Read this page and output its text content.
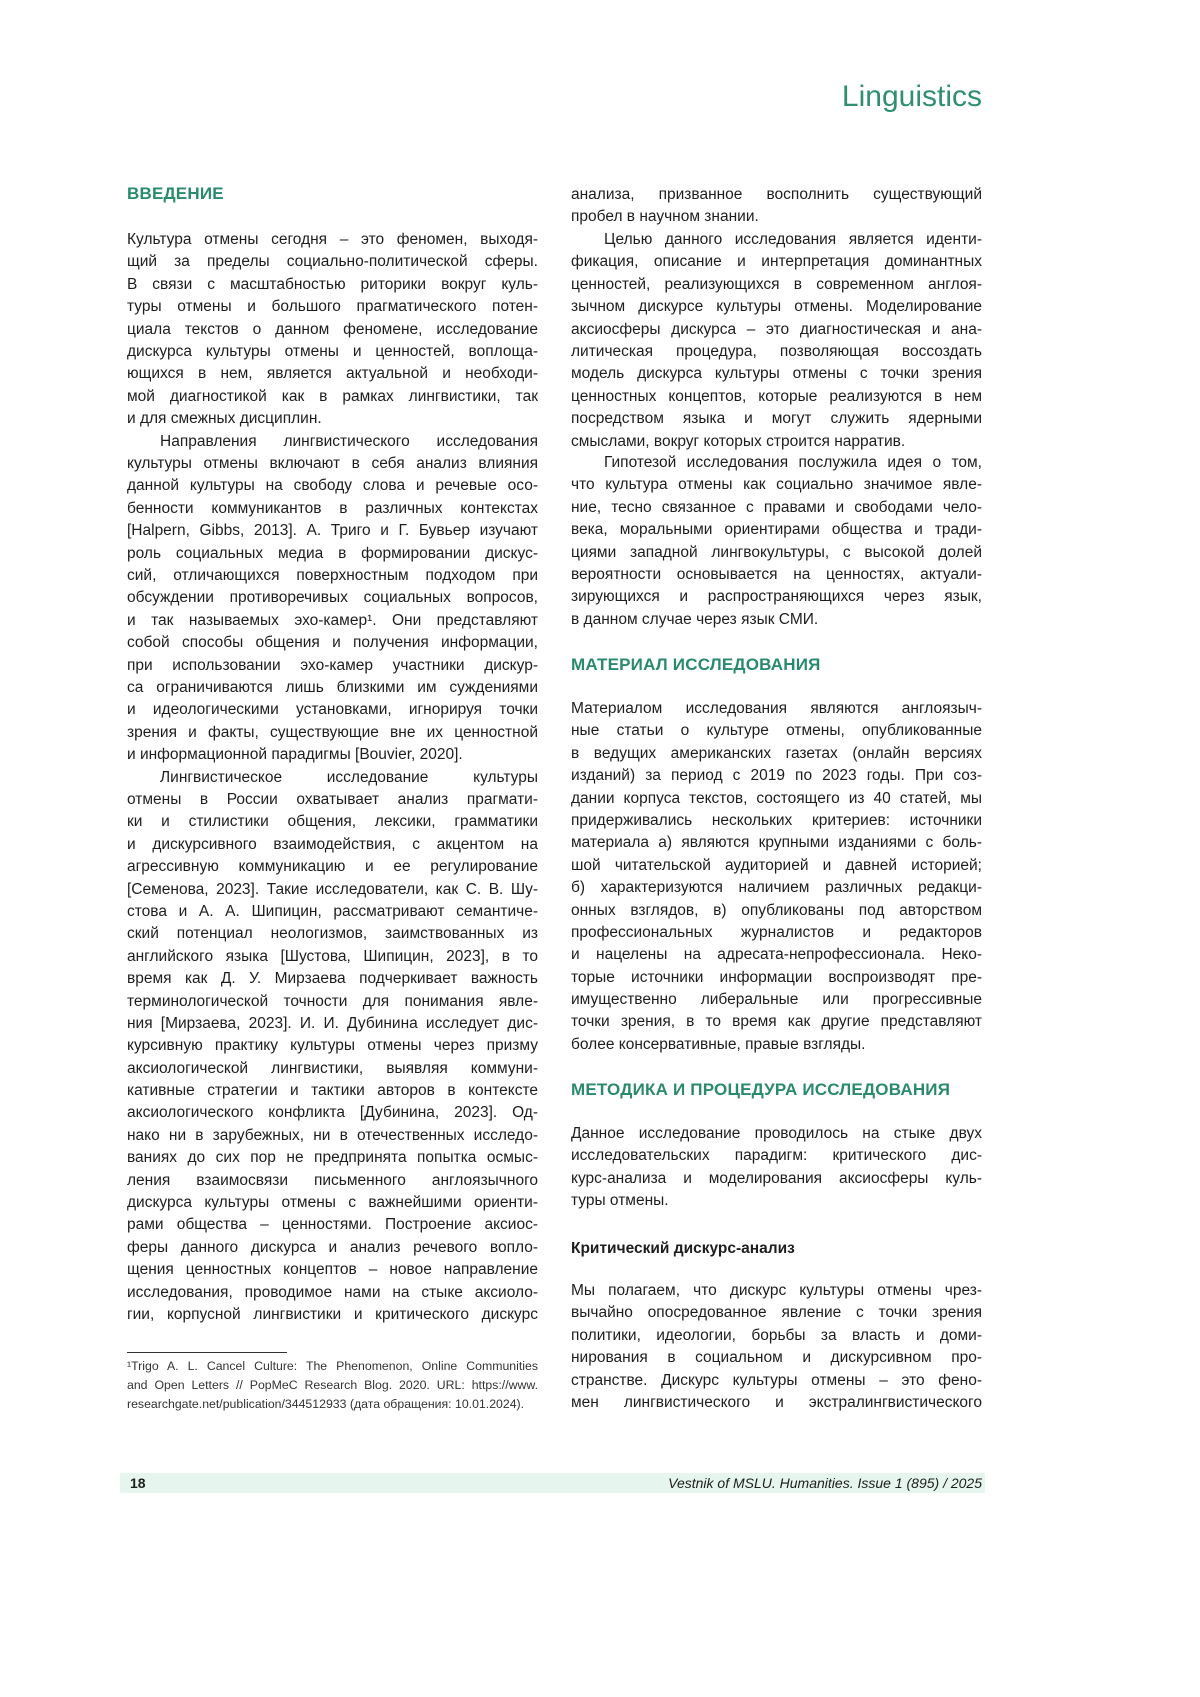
Linguistics
ВВЕДЕНИЕ
Культура отмены сегодня – это феномен, выходя-
щий за пределы социально-политической сферы.
В связи с масштабностью риторики вокруг куль-
туры отмены и большого прагматического потен-
циала текстов о данном феномене, исследование
дискурса культуры отмены и ценностей, воплоща-
ющихся в нем, является актуальной и необходи-
мой диагностикой как в рамках лингвистики, так
и для смежных дисциплин.
Направления лингвистического исследования
культуры отмены включают в себя анализ влияния
данной культуры на свободу слова и речевые осо-
бенности коммуникантов в различных контекстах
[Halpern, Gibbs, 2013]. А. Триго и Г. Бувьер изучают
роль социальных медиа в формировании дискус-
сий, отличающихся поверхностным подходом при
обсуждении противоречивых социальных вопросов,
и так называемых эхо-камер¹. Они представляют
собой способы общения и получения информации,
при использовании эхо-камер участники дискур-
са ограничиваются лишь близкими им суждениями
и идеологическими установками, игнорируя точки
зрения и факты, существующие вне их ценностной
и информационной парадигмы [Bouvier, 2020].
Лингвистическое исследование культуры
отмены в России охватывает анализ прагмати-
ки и стилистики общения, лексики, грамматики
и дискурсивного взаимодействия, с акцентом на
агрессивную коммуникацию и ее регулирование
[Семенова, 2023]. Такие исследователи, как С. В. Шу-
стова и А. А. Шипицин, рассматривают семантиче-
ский потенциал неологизмов, заимствованных из
английского языка [Шустова, Шипицин, 2023], в то
время как Д. У. Мирзаева подчеркивает важность
терминологической точности для понимания явле-
ния [Мирзаева, 2023]. И. И. Дубинина исследует дис-
курсивную практику культуры отмены через призму
аксиологической лингвистики, выявляя коммуни-
кативные стратегии и тактики авторов в контексте
аксиологического конфликта [Дубинина, 2023]. Од-
нако ни в зарубежных, ни в отечественных исследо-
ваниях до сих пор не предпринята попытка осмыс-
ления взаимосвязи письменного англоязычного
дискурса культуры отмены с важнейшими ориенти-
рами общества – ценностями. Построение аксиос-
феры данного дискурса и анализ речевого вопло-
щения ценностных концептов – новое направление
исследования, проводимое нами на стыке аксиоло-
гии, корпусной лингвистики и критического дискурс
¹Trigo A. L. Cancel Culture: The Phenomenon, Online Communities
and Open Letters // PopMeC Research Blog. 2020. URL: https://www.
researchgate.net/publication/344512933 (дата обращения: 10.01.2024).
анализа, призванное восполнить существующий
пробел в научном знании.
Целью данного исследования является иденти-
фикация, описание и интерпретация доминантных
ценностей, реализующихся в современном англоя-
зычном дискурсе культуры отмены. Моделирование
аксиосферы дискурса – это диагностическая и ана-
литическая процедура, позволяющая воссоздать
модель дискурса культуры отмены с точки зрения
ценностных концептов, которые реализуются в нем
посредством языка и могут служить ядерными
смыслами, вокруг которых строится нарратив.
Гипотезой исследования послужила идея о том,
что культура отмены как социально значимое явле-
ние, тесно связанное с правами и свободами чело-
века, моральными ориентирами общества и тради-
циями западной лингвокультуры, с высокой долей
вероятности основывается на ценностях, актуали-
зирующихся и распространяющихся через язык,
в данном случае через язык СМИ.
МАТЕРИАЛ ИССЛЕДОВАНИЯ
Материалом исследования являются англоязыч-
ные статьи о культуре отмены, опубликованные
в ведущих американских газетах (онлайн версиях
изданий) за период с 2019 по 2023 годы. При соз-
дании корпуса текстов, состоящего из 40 статей, мы
придерживались нескольких критериев: источники
материала а) являются крупными изданиями с боль-
шой читательской аудиторией и давней историей;
б) характеризуются наличием различных редакци-
онных взглядов, в) опубликованы под авторством
профессиональных журналистов и редакторов
и нацелены на адресата-непрофессионала. Неко-
торые источники информации воспроизводят пре-
имущественно либеральные или прогрессивные
точки зрения, в то время как другие представляют
более консервативные, правые взгляды.
МЕТОДИКА И ПРОЦЕДУРА ИССЛЕДОВАНИЯ
Данное исследование проводилось на стыке двух
исследовательских парадигм: критического дис-
курс-анализа и моделирования аксиосферы куль-
туры отмены.
Критический дискурс-анализ
Мы полагаем, что дискурс культуры отмены чрез-
вычайно опосредованное явление с точки зрения
политики, идеологии, борьбы за власть и доми-
нирования в социальном и дискурсивном про-
странстве. Дискурс культуры отмены – это фено-
мен лингвистического и экстралингвистического
18	Vestnik of MSLU. Humanities. Issue 1 (895) / 2025
